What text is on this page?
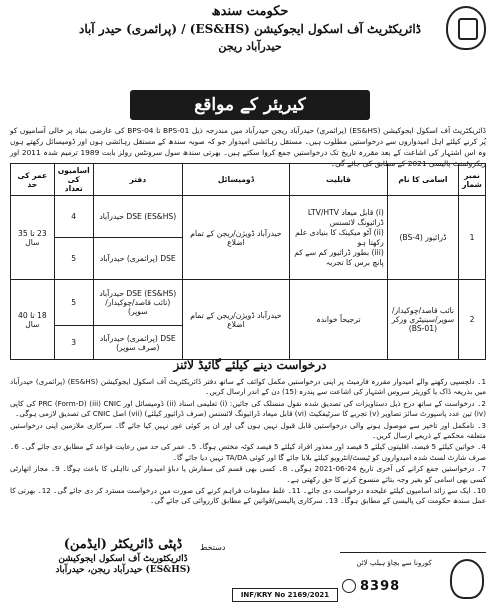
حکومت سندھ
ڈائریکٹریٹ آف اسکول ایجوکیشن (ES&HS) / (پرائمری) حیدر آباد
حیدرآباد ریجن
کیریئر کے مواقع
ڈائریکٹریٹ آف اسکول ایجوکیشن (ES&HS) (پرائمری) حیدرآباد ریجن حیدرآباد میں مندرجہ ذیل BPS-01 تا BPS-04 کی عارضی بنیاد پر خالی آسامیوں کو پُر کرنے کیلئے اہل امیدواروں سے درخواستیں مطلوب ہیں۔ مستقل رہائشی امیدوار جو کہ صوبہ سندھ کے مستقل رہائشی ہوں اور ڈومیسائل رکھتے ہوں وہ اس اشتہار کی اشاعت کے بعد مقررہ تاریخ تک درخواستیں جمع کروا سکتے ہیں۔ بھرتی سندھ سول سرونٹس رولز بابت 1989 ترمیم شدہ 2011 اور ریکروٹمنٹ پالیسی 2021 کے مطابق کی جائے گی۔
نمبر شمار	اسامی کا نام	قابلیت	ڈومیسائل	دفتر	اسامیوں کی تعداد	عمر کی حد
1	ڈرائیور (BS-4)	(i) قابل میعاد LTV/HTV ڈرائیونگ لائسنس
(ii) آٹو میکینک کا بنیادی علم رکھتا ہو
(iii) بطور ڈرائیور کم سے کم پانچ برس کا تجربہ	حیدرآباد ڈویژن/ریجن کے تمام اضلاع	DSE (ES&HS) حیدرآباد	4	23 تا 35 سال
				DSE (پرائمری) حیدرآباد	5	
2	نائب قاصد/چوکیدار/ سوپر/سینیٹری ورکر (BS-01)	ترجیحاً خواندہ	حیدرآباد ڈویژن/ریجن کے تمام اضلاع	DSE (ES&HS) حیدرآباد (نائب قاصد/چوکیدار/سوپر)	5	18 تا 40 سال
				DSE (پرائمری) حیدرآباد (صرف سوپر)	3	
درخواست دینے کیلئے گائیڈ لائنز

1۔ دلچسپی رکھنے والے امیدوار مقررہ فارمیٹ پر اپنی درخواستیں مکمل کوائف کے ساتھ دفتر ڈائریکٹریٹ آف اسکول ایجوکیشن (ES&HS) (پرائمری) حیدرآباد میں بذریعہ ڈاک یا کوریئر سروس اشتہار کی اشاعت سے پندرہ (15) دن کے اندر ارسال کریں۔

2۔ درخواست کے ساتھ درج ذیل دستاویزات کی تصدیق شدہ نقول منسلک کی جائیں: (i) تعلیمی اسناد (ii) ڈومیسائل اور PRC (Form-D) (iii) CNIC کی کاپی (iv) تین عدد پاسپورٹ سائز تصاویر (v) تجربے کا سرٹیفکیٹ (vi) قابل میعاد ڈرائیونگ لائسنس (صرف ڈرائیور کیلئے) (vii) اصل CNIC کی تصدیق لازمی ہوگی۔

3۔ نامکمل اور تاخیر سے موصول ہونے والی درخواستیں قابل قبول نہیں ہوں گی اور ان پر کوئی غور نہیں کیا جائے گا۔ سرکاری ملازمین اپنی درخواستیں متعلقہ محکمے کے ذریعے ارسال کریں۔

4۔ خواتین کیلئے 5 فیصد، اقلیتوں کیلئے 5 فیصد اور معذور افراد کیلئے 5 فیصد کوٹہ مختص ہوگا۔ 5۔ عمر کی حد میں رعایت قواعد کے مطابق دی جائے گی۔ 6۔ صرف شارٹ لسٹ شدہ امیدواروں کو ٹیسٹ/انٹرویو کیلئے بلایا جائے گا اور کوئی TA/DA نہیں دیا جائے گا۔

7۔ درخواستیں جمع کرانے کی آخری تاریخ 24-06-2021 ہوگی۔ 8۔ کسی بھی قسم کی سفارش یا دباؤ امیدوار کی نااہلی کا باعث ہوگا۔ 9۔ مجاز اتھارٹی کسی بھی اسامی کو بغیر وجہ بتائے منسوخ کرنے کا حق رکھتی ہے۔

10۔ ایک سے زائد اسامیوں کیلئے علیحدہ درخواست دی جائے۔ 11۔ غلط معلومات فراہم کرنے کی صورت میں درخواست مسترد کر دی جائے گی۔ 12۔ بھرتی کا عمل سندھ حکومت کی پالیسی کے مطابق ہوگا۔ 13۔ سرکاری پالیسی/قوانین کے مطابق کارروائی کی جائے گی۔

دستخط
ڈپٹی ڈائریکٹر (ایڈمن)
ڈائریکٹوریٹ آف اسکول ایجوکیشن
(ES&HS) حیدرآباد ریجن، حیدرآباد
INF/KRY No 2169/2021
کورونا سے بچاؤ ہیلپ لائن
8398
